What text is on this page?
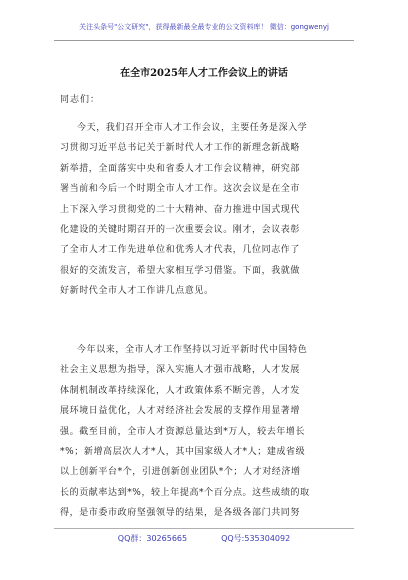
关注头条号"公文研究"，获得最新最全最专业的公文资料库！ 微信：gongwenyj
在全市2025年人才工作会议上的讲话
同志们：
今天，我们召开全市人才工作会议，主要任务是深入学
习贯彻习近平总书记关于新时代人才工作的新理念新战略
新举措，全面落实中央和省委人才工作会议精神，研究部
署当前和今后一个时期全市人才工作。这次会议是在全市
上下深入学习贯彻党的二十大精神、奋力推进中国式现代
化建设的关键时期召开的一次重要会议。刚才，会议表彰
了全市人才工作先进单位和优秀人才代表，几位同志作了
很好的交流发言，希望大家相互学习借鉴。下面，我就做
好新时代全市人才工作讲几点意见。
今年以来，全市人才工作坚持以习近平新时代中国特色
社会主义思想为指导，深入实施人才强市战略，人才发展
体制机制改革持续深化，人才政策体系不断完善，人才发
展环境日益优化，人才对经济社会发展的支撑作用显著增
强。截至目前，全市人才资源总量达到*万人，较去年增长
*%；新增高层次人才*人，其中国家级人才*人；建成省级
以上创新平台*个，引进创新创业团队*个；人才对经济增
长的贡献率达到*%，较上年提高*个百分点。这些成绩的取
得，是市委市政府坚强领导的结果，是各级各部门共同努
QQ群：30265665	QQ号:535304092
